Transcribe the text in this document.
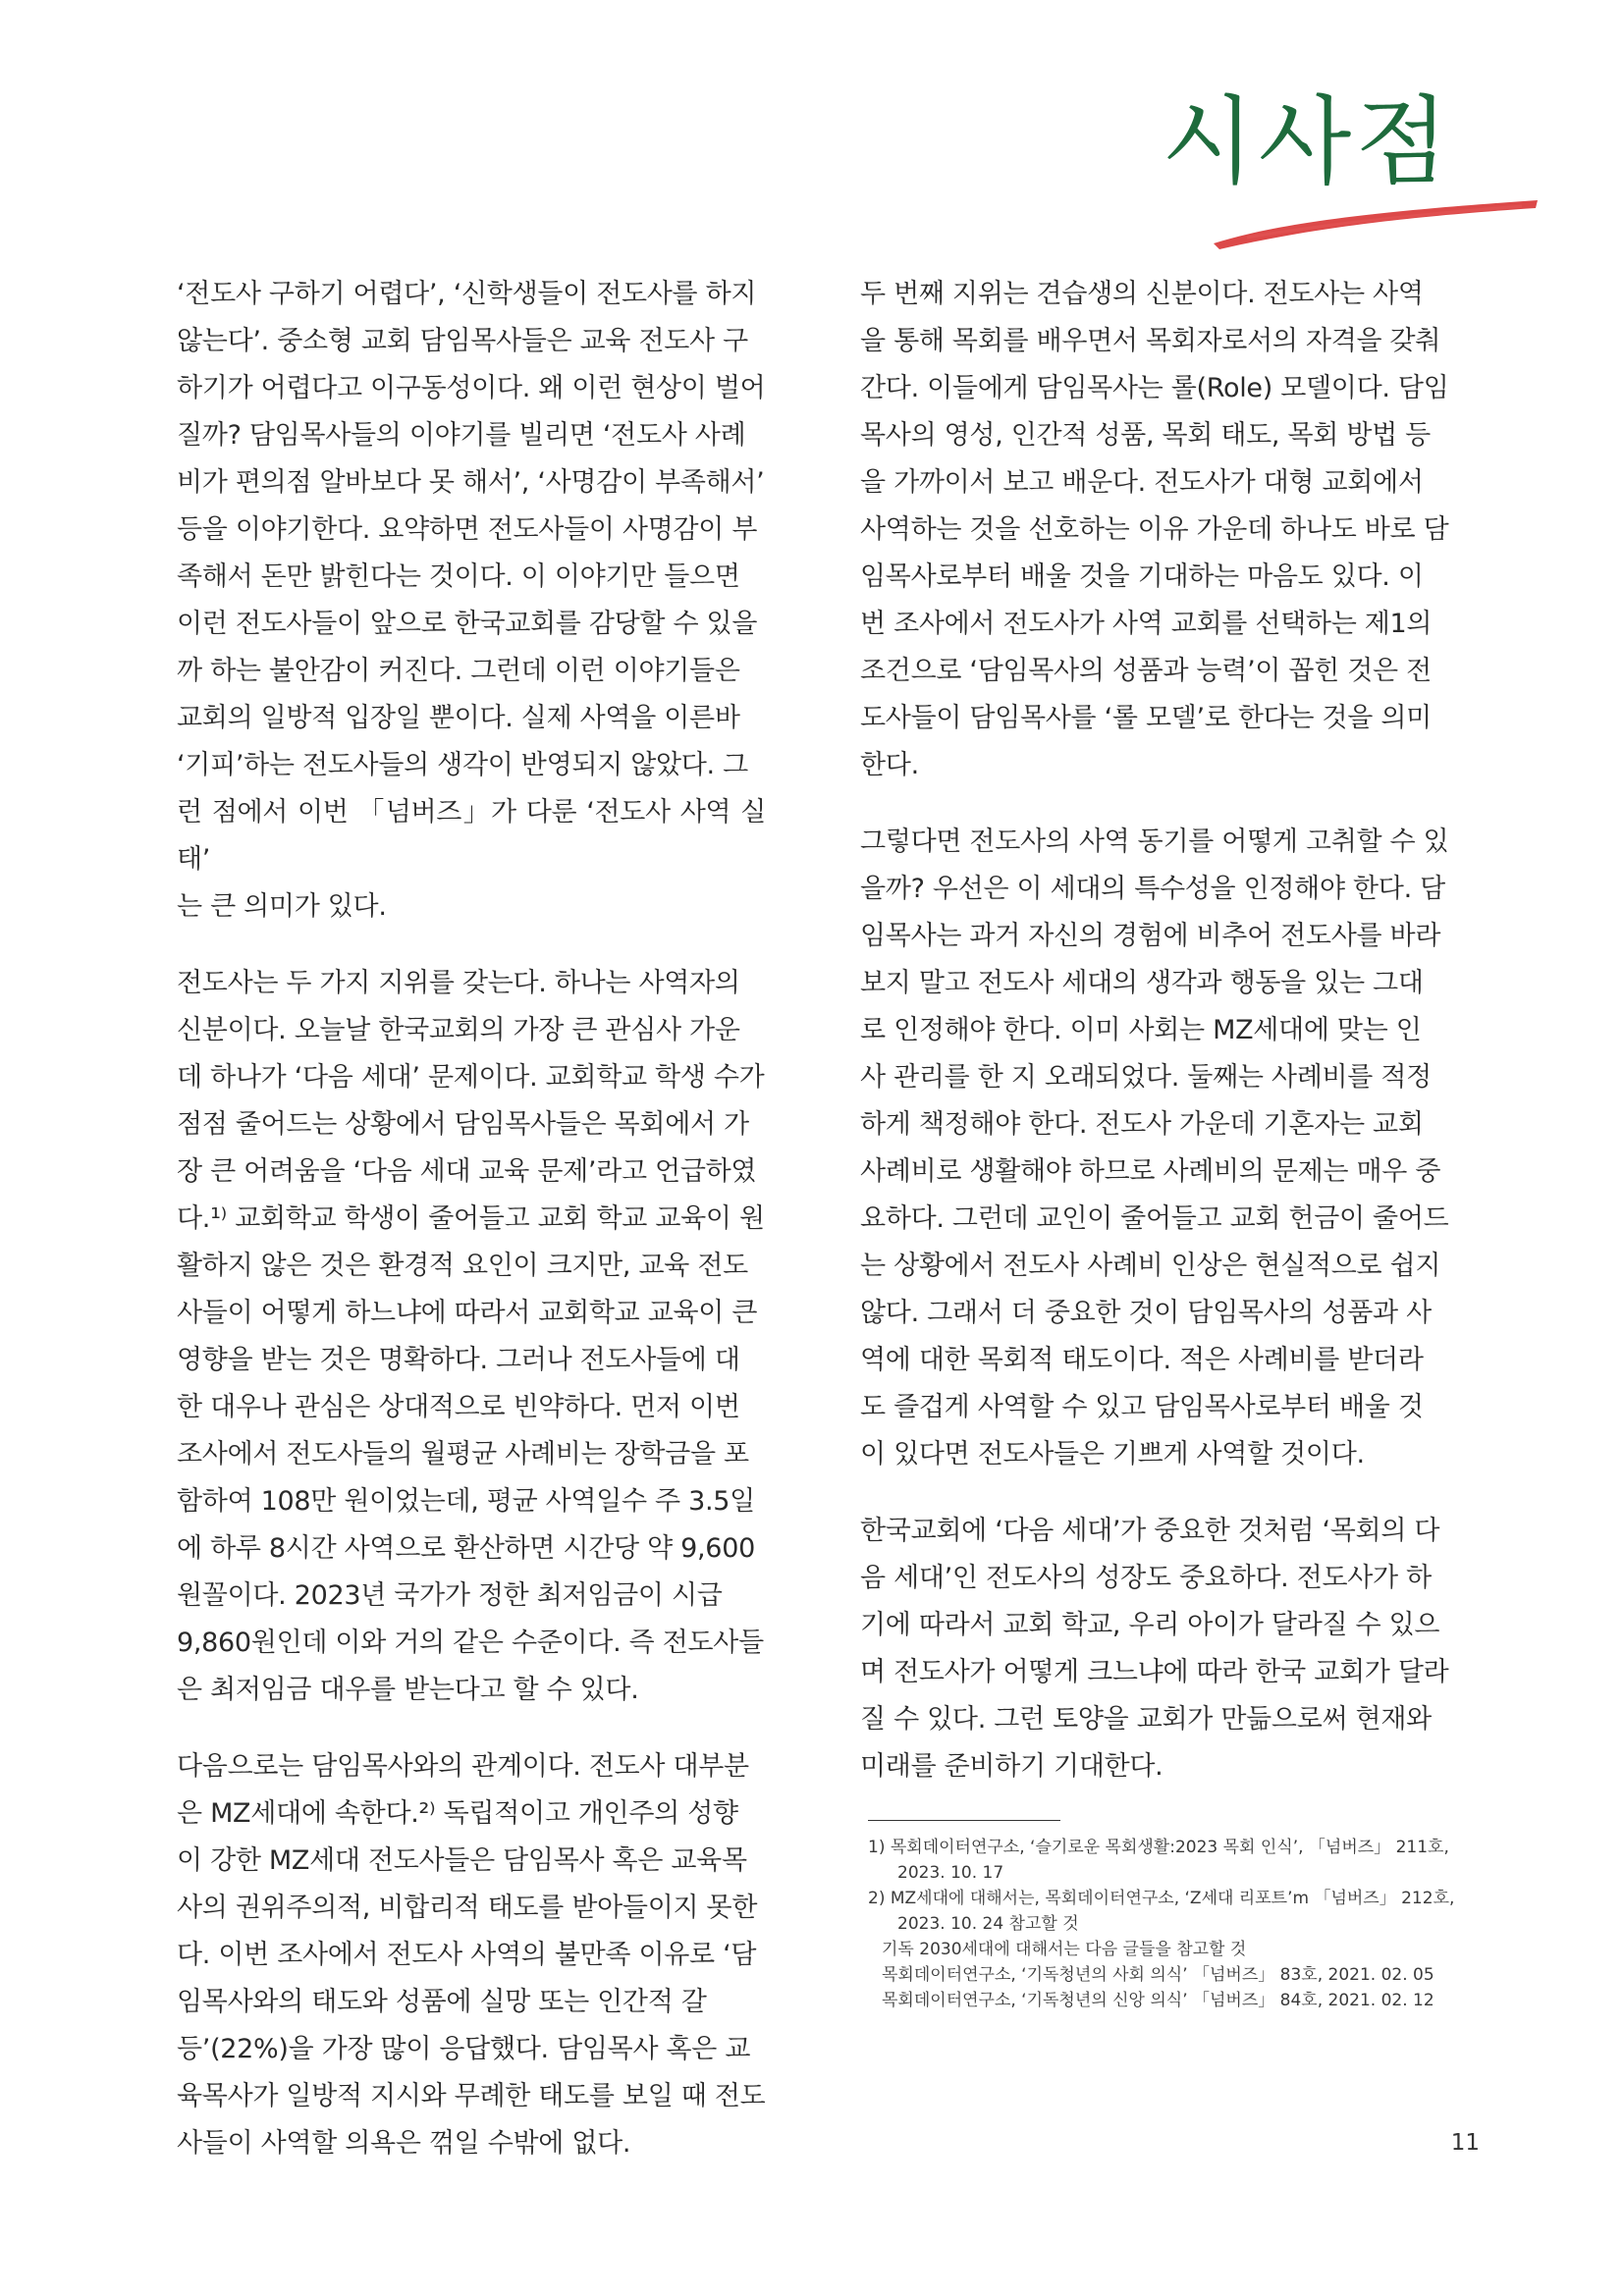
시사점

‘전도사 구하기 어렵다’, ‘신학생들이 전도사를 하지
않는다’. 중소형 교회 담임목사들은 교육 전도사 구
하기가 어렵다고 이구동성이다. 왜 이런 현상이 벌어
질까? 담임목사들의 이야기를 빌리면 ‘전도사 사례
비가 편의점 알바보다 못 해서’, ‘사명감이 부족해서’
등을 이야기한다. 요약하면 전도사들이 사명감이 부
족해서 돈만 밝힌다는 것이다. 이 이야기만 들으면
이런 전도사들이 앞으로 한국교회를 감당할 수 있을
까 하는 불안감이 커진다. 그런데 이런 이야기들은
교회의 일방적 입장일 뿐이다. 실제 사역을 이른바
‘기피’하는 전도사들의 생각이 반영되지 않았다. 그
런 점에서 이번 「넘버즈」가 다룬 ‘전도사 사역 실태’
는 큰 의미가 있다.

전도사는 두 가지 지위를 갖는다. 하나는 사역자의
신분이다. 오늘날 한국교회의 가장 큰 관심사 가운
데 하나가 ‘다음 세대’ 문제이다. 교회학교 학생 수가
점점 줄어드는 상황에서 담임목사들은 목회에서 가
장 큰 어려움을 ‘다음 세대 교육 문제’라고 언급하였
다.¹⁾ 교회학교 학생이 줄어들고 교회 학교 교육이 원
활하지 않은 것은 환경적 요인이 크지만, 교육 전도
사들이 어떻게 하느냐에 따라서 교회학교 교육이 큰
영향을 받는 것은 명확하다. 그러나 전도사들에 대
한 대우나 관심은 상대적으로 빈약하다. 먼저 이번
조사에서 전도사들의 월평균 사례비는 장학금을 포
함하여 108만 원이었는데, 평균 사역일수 주 3.5일
에 하루 8시간 사역으로 환산하면 시간당 약 9,600
원꼴이다. 2023년 국가가 정한 최저임금이 시급
9,860원인데 이와 거의 같은 수준이다. 즉 전도사들
은 최저임금 대우를 받는다고 할 수 있다.

다음으로는 담임목사와의 관계이다. 전도사 대부분
은 MZ세대에 속한다.²⁾ 독립적이고 개인주의 성향
이 강한 MZ세대 전도사들은 담임목사 혹은 교육목
사의 권위주의적, 비합리적 태도를 받아들이지 못한
다. 이번 조사에서 전도사 사역의 불만족 이유로 ‘담
임목사와의 태도와 성품에 실망 또는 인간적 갈
등’(22%)을 가장 많이 응답했다. 담임목사 혹은 교
육목사가 일방적 지시와 무례한 태도를 보일 때 전도
사들이 사역할 의욕은 꺾일 수밖에 없다.

두 번째 지위는 견습생의 신분이다. 전도사는 사역
을 통해 목회를 배우면서 목회자로서의 자격을 갖춰
간다. 이들에게 담임목사는 롤(Role) 모델이다. 담임
목사의 영성, 인간적 성품, 목회 태도, 목회 방법 등
을 가까이서 보고 배운다. 전도사가 대형 교회에서
사역하는 것을 선호하는 이유 가운데 하나도 바로 담
임목사로부터 배울 것을 기대하는 마음도 있다. 이
번 조사에서 전도사가 사역 교회를 선택하는 제1의
조건으로 ‘담임목사의 성품과 능력’이 꼽힌 것은 전
도사들이 담임목사를 ‘롤 모델’로 한다는 것을 의미
한다.

그렇다면 전도사의 사역 동기를 어떻게 고취할 수 있
을까? 우선은 이 세대의 특수성을 인정해야 한다. 담
임목사는 과거 자신의 경험에 비추어 전도사를 바라
보지 말고 전도사 세대의 생각과 행동을 있는 그대
로 인정해야 한다. 이미 사회는 MZ세대에 맞는 인
사 관리를 한 지 오래되었다. 둘째는 사례비를 적정
하게 책정해야 한다. 전도사 가운데 기혼자는 교회
사례비로 생활해야 하므로 사례비의 문제는 매우 중
요하다. 그런데 교인이 줄어들고 교회 헌금이 줄어드
는 상황에서 전도사 사례비 인상은 현실적으로 쉽지
않다. 그래서 더 중요한 것이 담임목사의 성품과 사
역에 대한 목회적 태도이다. 적은 사례비를 받더라
도 즐겁게 사역할 수 있고 담임목사로부터 배울 것
이 있다면 전도사들은 기쁘게 사역할 것이다.

한국교회에 ‘다음 세대’가 중요한 것처럼 ‘목회의 다
음 세대’인 전도사의 성장도 중요하다. 전도사가 하
기에 따라서 교회 학교, 우리 아이가 달라질 수 있으
며 전도사가 어떻게 크느냐에 따라 한국 교회가 달라
질 수 있다. 그런 토양을 교회가 만듦으로써 현재와
미래를 준비하기 기대한다.

1) 목회데이터연구소, ‘슬기로운 목회생활:2023 목회 인식’, 「넘버즈」 211호,
2023. 10. 17
2) MZ세대에 대해서는, 목회데이터연구소, ‘Z세대 리포트’m 「넘버즈」 212호,
2023. 10. 24 참고할 것
기독 2030세대에 대해서는 다음 글들을 참고할 것
목회데이터연구소, ‘기독청년의 사회 의식’ 「넘버즈」 83호, 2021. 02. 05
목회데이터연구소, ‘기독청년의 신앙 의식’ 「넘버즈」 84호, 2021. 02. 12
11
